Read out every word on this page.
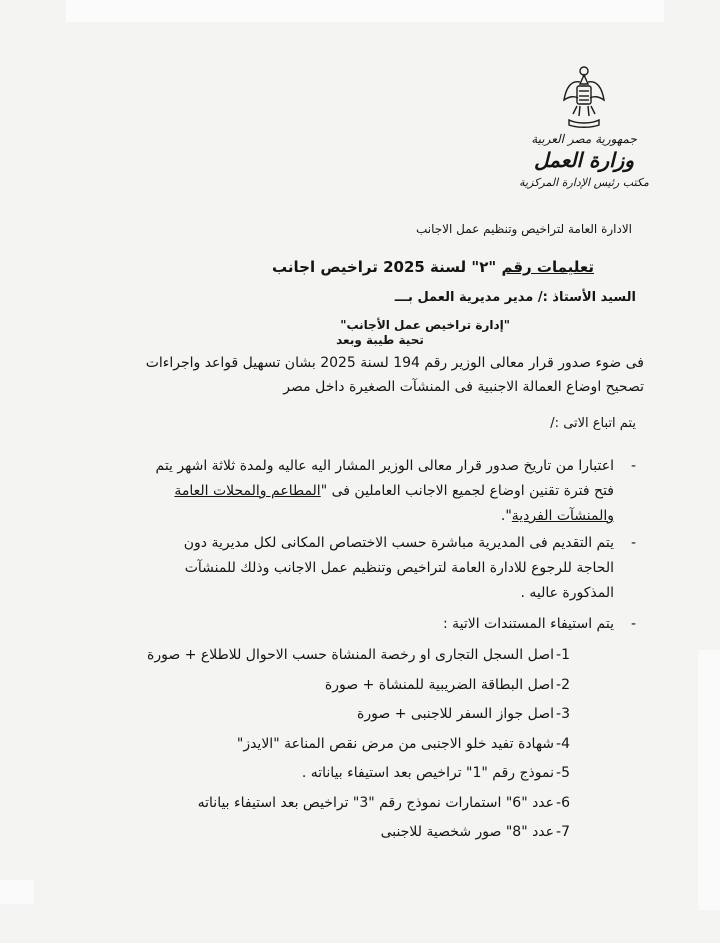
جمهورية مصر العربية
وزارة العمل
مكتب رئيس الإدارة المركزية
الادارة العامة لتراخيص وتنظيم عمل الاجانب
تعليمات رقم "٢" لسنة 2025 تراخيص اجانب
السيد الأستاذ :/ مدير مديرية العمل بـــ
"إدارة تراخيص عمل الأجانب"
تحية طيبة وبعد
فى ضوء صدور قرار معالى الوزير رقم 194 لسنة 2025 بشان تسهيل قواعد واجراءات
تصحيح اوضاع العمالة الاجنبية فى المنشآت الصغيرة داخل مصر
يتم اتباع الاتى :/
-
اعتبارا من تاريخ صدور قرار معالى الوزير المشار اليه عاليه ولمدة ثلاثة اشهر يتم
فتح فترة تقنين اوضاع لجميع الاجانب العاملين فى "المطاعم والمحلات العامة
والمنشآت الفردية".
-
يتم التقديم فى المديرية مباشرة حسب الاختصاص المكانى لكل مديرية دون
الحاجة للرجوع للادارة العامة لتراخيص وتنظيم عمل الاجانب وذلك للمنشآت
المذكورة عاليه .
-
يتم استيفاء المستندات الاتية :
1-اصل السجل التجارى او رخصة المنشاة حسب الاحوال للاطلاع + صورة
2-اصل البطاقة الضريبية للمنشاة + صورة
3-اصل جواز السفر للاجنبى + صورة
4-شهادة تفيد خلو الاجنبى من مرض نقص المناعة "الايدز"
5-نموذج رقم "1" تراخيص بعد استيفاء بياناته .
6-عدد "6" استمارات نموذج رقم "3" تراخيص بعد استيفاء بياناته
7-عدد "8" صور شخصية للاجنبى
